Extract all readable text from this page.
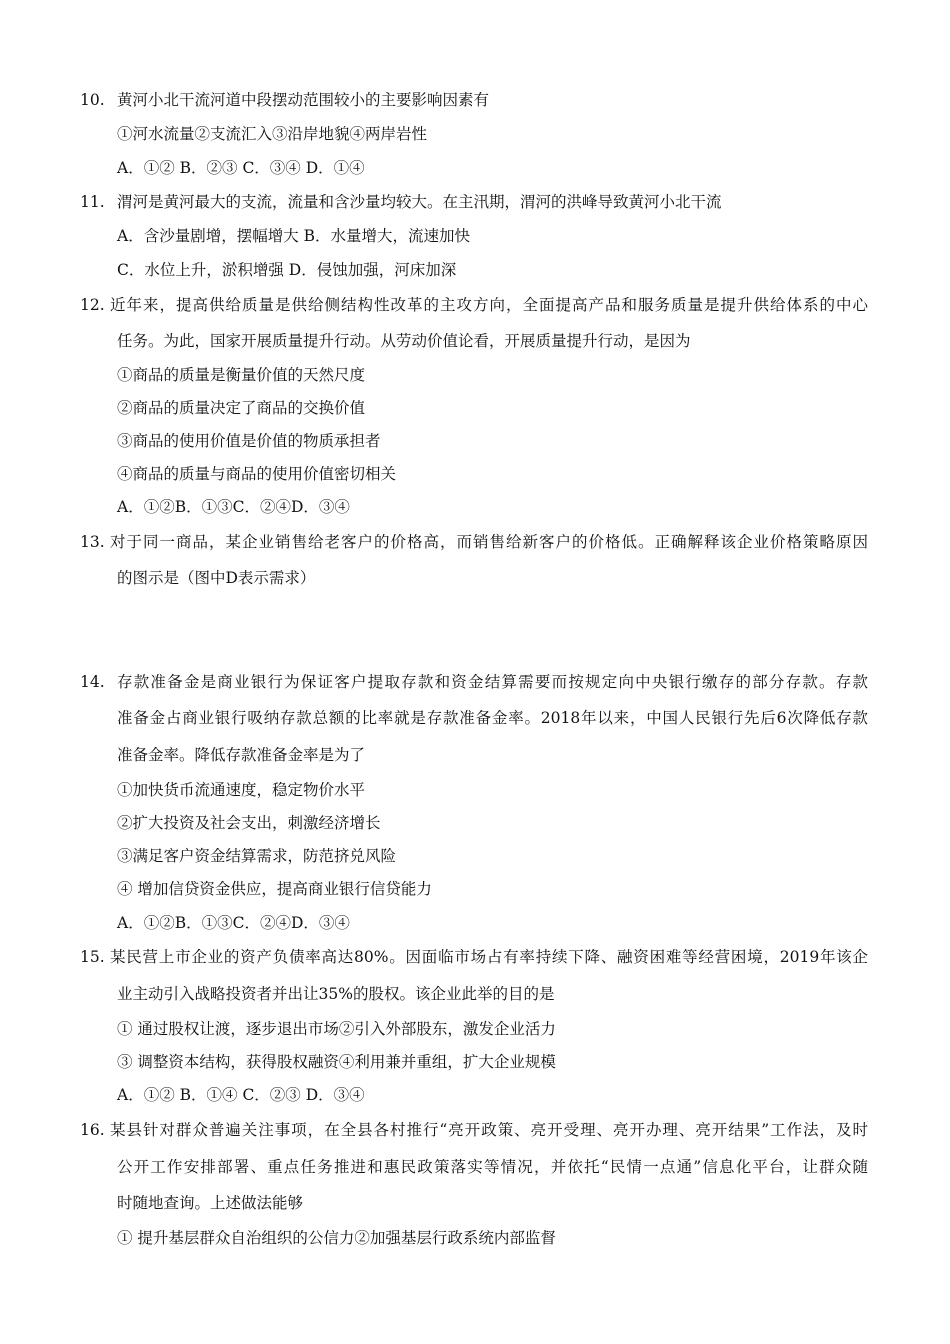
10. 黄河小北干流河道中段摆动范围较小的主要影响因素有
①河水流量②支流汇入③沿岸地貌④两岸岩性
A．①② B．②③ C．③④ D．①④
11. 渭河是黄河最大的支流，流量和含沙量均较大。在主汛期，渭河的洪峰导致黄河小北干流
A．含沙量剧增，摆幅增大 B．水量增大，流速加快
C．水位上升，淤积增强 D．侵蚀加强，河床加深
12. 近年来，提高供给质量是供给侧结构性改革的主攻方向，全面提高产品和服务质量是提升供给体系的中心
任务。为此，国家开展质量提升行动。从劳动价值论看，开展质量提升行动，是因为
①商品的质量是衡量价值的天然尺度
②商品的质量决定了商品的交换价值
③商品的使用价值是价值的物质承担者
④商品的质量与商品的使用价值密切相关
A．①②B．①③C．②④D．③④
13. 对于同一商品，某企业销售给老客户的价格高，而销售给新客户的价格低。正确解释该企业价格策略原因
的图示是（图中D表示需求）
14. 存款准备金是商业银行为保证客户提取存款和资金结算需要而按规定向中央银行缴存的部分存款。存款
准备金占商业银行吸纳存款总额的比率就是存款准备金率。2018年以来，中国人民银行先后6次降低存款
准备金率。降低存款准备金率是为了
①加快货币流通速度，稳定物价水平
②扩大投资及社会支出，刺激经济增长
③满足客户资金结算需求，防范挤兑风险
④ 增加信贷资金供应，提高商业银行信贷能力
A．①②B．①③C．②④D．③④
15. 某民营上市企业的资产负债率高达80%。因面临市场占有率持续下降、融资困难等经营困境，2019年该企
业主动引入战略投资者并出让35%的股权。该企业此举的目的是
① 通过股权让渡，逐步退出市场②引入外部股东，激发企业活力
③ 调整资本结构，获得股权融资④利用兼并重组，扩大企业规模
A．①② B．①④ C．②③ D．③④
16. 某县针对群众普遍关注事项，在全县各村推行“亮开政策、亮开受理、亮开办理、亮开结果”工作法，及时
公开工作安排部署、重点任务推进和惠民政策落实等情况，并依托“民情一点通”信息化平台，让群众随
时随地查询。上述做法能够
① 提升基层群众自治组织的公信力②加强基层行政系统内部监督
